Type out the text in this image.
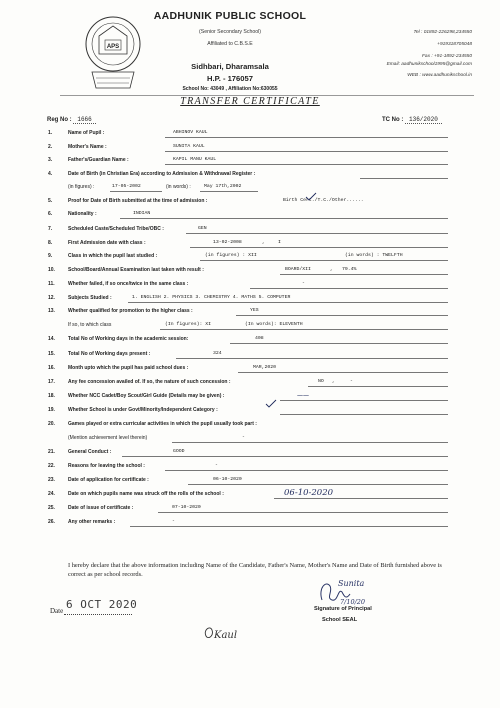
APS
AADHUNIK PUBLIC SCHOOL
(Senior Secondary School)
Affiliated to C.B.S.E
Sidhbari, Dharamsala
H.P. - 176057
School No: 43049 , Affiliation No:630055
Tel : 01892-226298,234550
+919318705048
Fax : +91-1892-234550
Email: aadhunikschool1995@gmail.com
WEB : www.aadhunikschool.in
TRANSFER CERTIFICATE
Reg No : 1666	TC No : 136/2020
1.	Name of Pupil :	ABHINOV KAUL
2.	Mother's Name :	SUNITA KAUL
3.	Father's/Guardian Name :	KAPIL MANU KAUL
4.	Date of Birth (in Christian Era) according to Admission & Withdrawal Register :
(in figures) :	17-05-2002	(in words) :	May 17th,2002
5.	Proof for Date of Birth submitted at the time of admission :	Birth Cert./T.C./Other......
6.	Nationality :	INDIAN
7.	Scheduled Caste/Scheduled Tribe/OBC :	GEN
8.	First Admission date with class :	13-02-2008	,	I
9.	Class in which the pupil last studied :	(in figures) : XII	(in words) : TWELFTH
10.	School/Board/Annual Examination last taken with result :	BOARD/XII	, 79.4%
11.	Whether failed, if so once/twice in the same class :	-
12.	Subjects Studied :	1. ENGLISH 2. PHYSICS 3. CHEMISTRY 4. MATHS 5. COMPUTER
13.	Whether qualified for promotion to the higher class :	YES
If so, to which class	(In figures): XI	(In words): ELEVENTH
14.	Total No of Working days in the academic session:	408
15.	Total No of Working days present :	324
16.	Month upto which the pupil has paid school dues :	MAR,2020
17.	Any fee concession availed of. If so, the nature of such concession :	NO ,	-
18.	Whether NCC Cadet/Boy Scout/Girl Guide (Details may be given) :	——
19.	Whether School is under Govt/Minority/Independent Category :
20.	Games played or extra curricular activities in which the pupil usually took part :
(Mention achievement level therein)	-
21.	General Conduct :	GOOD
22.	Reasons for leaving the school :	-
23.	Date of application for certificate :	06-10-2020
24.	Date on which pupils name was struck off the rolls of the school :	06-10-2020
25.	Date of issue of certificate :	07-10-2020
26.	Any other remarks :	-
I hereby declare that the above information including Name of the Candidate, Father's Name, Mother's Name and Date of Birth furnished above is correct as per school records.
Date 6 OCT 2020
Sunita
7/10/20
Signature of Principal
School SEAL
Kaul
